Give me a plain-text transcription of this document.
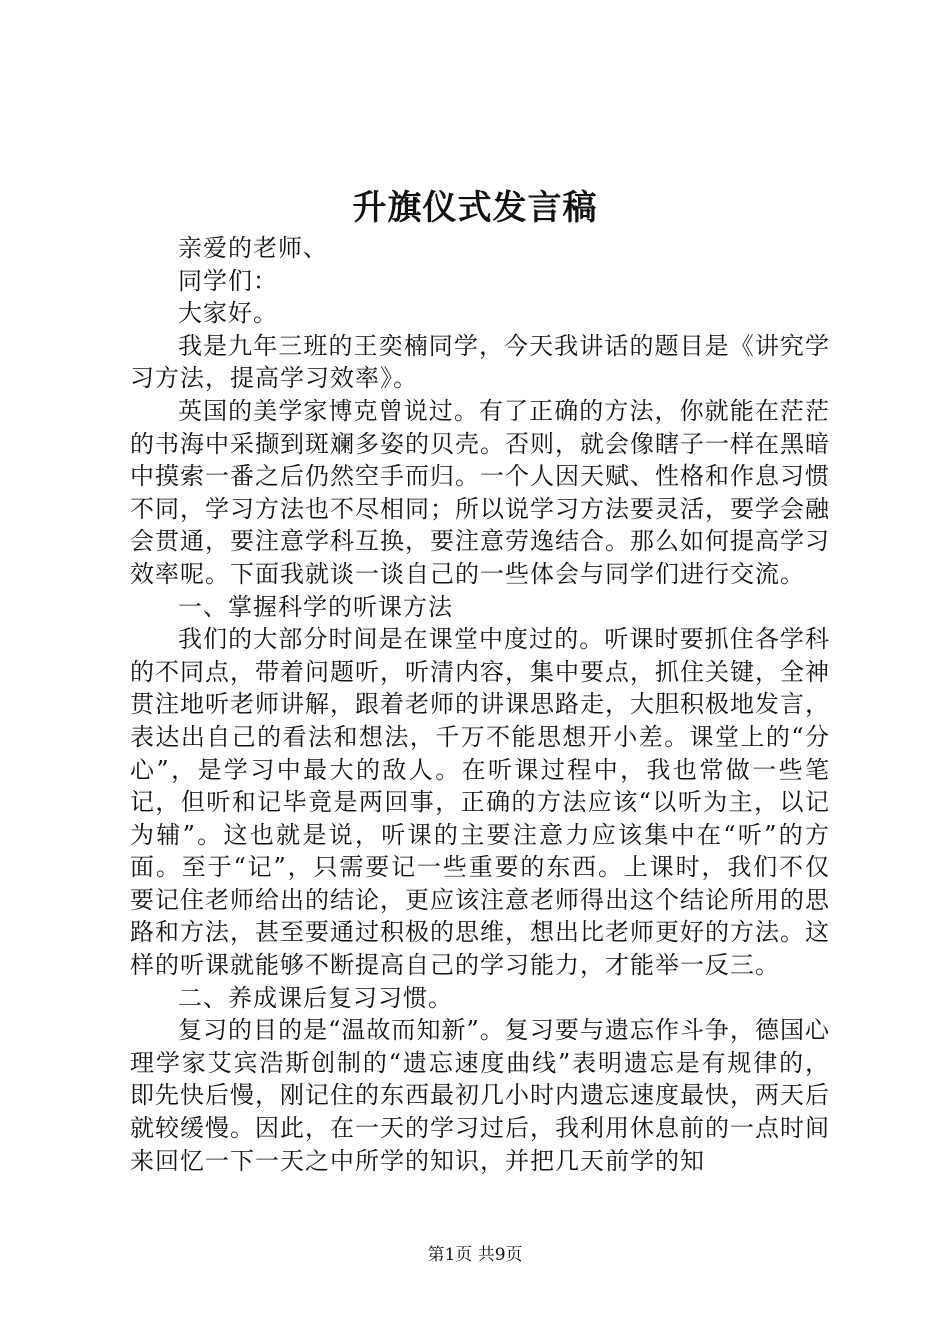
升旗仪式发言稿

亲爱的老师、

同学们：

大家好。

我是九年三班的王奕楠同学，今天我讲话的题目是《讲究学习方法，提高学习效率》。

英国的美学家博克曾说过。有了正确的方法，你就能在茫茫的书海中采撷到斑斓多姿的贝壳。否则，就会像瞎子一样在黑暗中摸索一番之后仍然空手而归。一个人因天赋、性格和作息习惯不同，学习方法也不尽相同；所以说学习方法要灵活，要学会融会贯通，要注意学科互换，要注意劳逸结合。那么如何提高学习效率呢。下面我就谈一谈自己的一些体会与同学们进行交流。

一、掌握科学的听课方法

我们的大部分时间是在课堂中度过的。听课时要抓住各学科的不同点，带着问题听，听清内容，集中要点，抓住关键，全神贯注地听老师讲解，跟着老师的讲课思路走，大胆积极地发言，表达出自己的看法和想法，千万不能思想开小差。课堂上的“分心”，是学习中最大的敌人。在听课过程中，我也常做一些笔记，但听和记毕竟是两回事，正确的方法应该“以听为主，以记为辅”。这也就是说，听课的主要注意力应该集中在“听”的方面。至于“记”，只需要记一些重要的东西。上课时，我们不仅要记住老师给出的结论，更应该注意老师得出这个结论所用的思路和方法，甚至要通过积极的思维，想出比老师更好的方法。这样的听课就能够不断提高自己的学习能力，才能举一反三。

二、养成课后复习习惯。

复习的目的是“温故而知新”。复习要与遗忘作斗争，德国心理学家艾宾浩斯创制的“遗忘速度曲线”表明遗忘是有规律的，即先快后慢，刚记住的东西最初几小时内遗忘速度最快，两天后就较缓慢。因此，在一天的学习过后，我利用休息前的一点时间来回忆一下一天之中所学的知识，并把几天前学的知

第1页 共9页
